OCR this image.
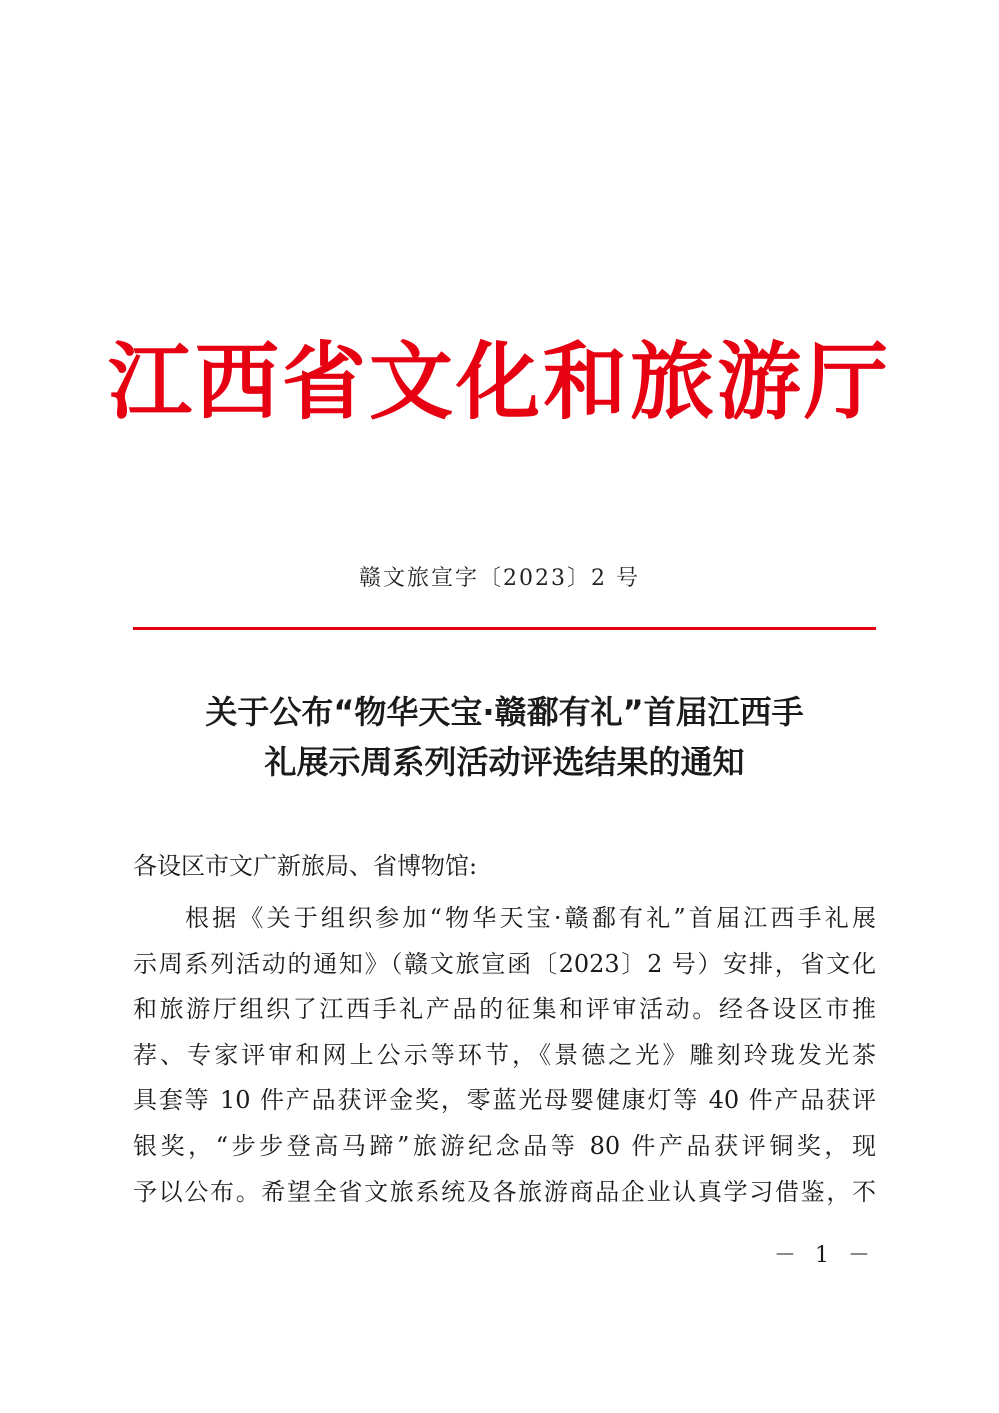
江西省文化和旅游厅
赣文旅宣字〔2023〕2 号
关于公布“物华天宝·赣鄱有礼”首届江西手
礼展示周系列活动评选结果的通知
各设区市文广新旅局、省博物馆:
根据《关于组织参加“物华天宝·赣鄱有礼”首届江西手礼展
示周系列活动的通知》（赣文旅宣函〔2023〕2 号）安排，省文化
和旅游厅组织了江西手礼产品的征集和评审活动。经各设区市推
荐、专家评审和网上公示等环节，《景德之光》雕刻玲珑发光茶
具套等 10 件产品获评金奖，零蓝光母婴健康灯等 40 件产品获评
银奖，“步步登高马蹄”旅游纪念品等 80 件产品获评铜奖，现
予以公布。希望全省文旅系统及各旅游商品企业认真学习借鉴，不
－ 1 －
